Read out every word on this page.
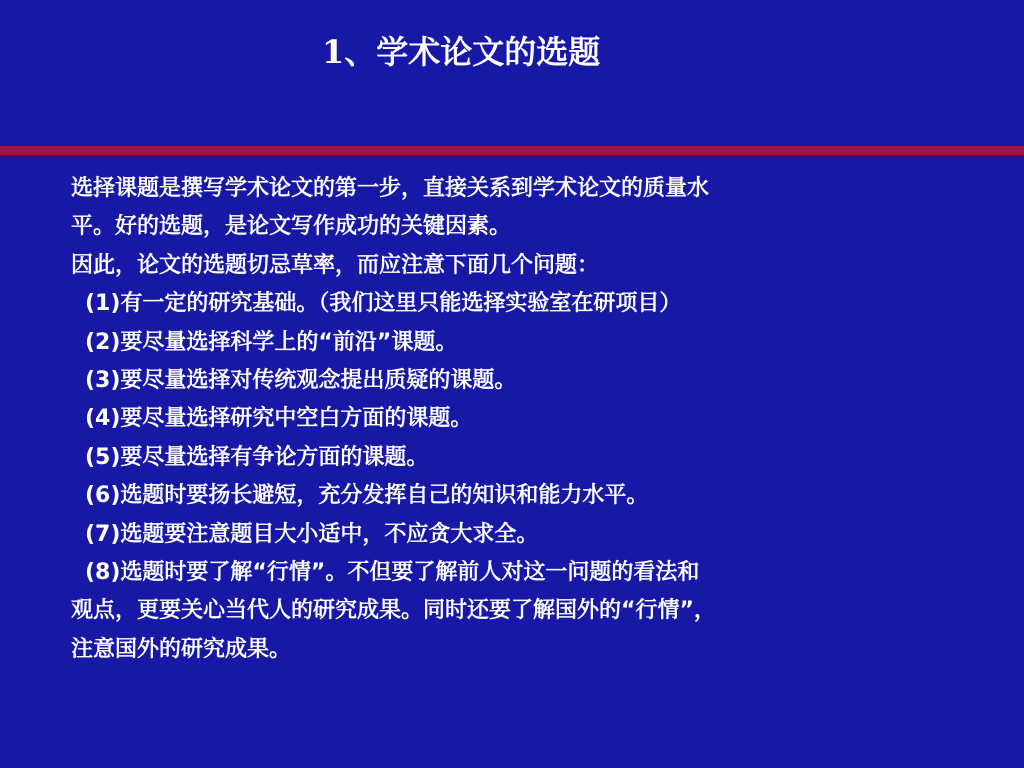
1、学术论文的选题
选择课题是撰写学术论文的第一步，直接关系到学术论文的质量水
平。好的选题，是论文写作成功的关键因素。
因此，论文的选题切忌草率，而应注意下面几个问题：
(1)有一定的研究基础。（我们这里只能选择实验室在研项目）
(2)要尽量选择科学上的“前沿”课题。
(3)要尽量选择对传统观念提出质疑的课题。
(4)要尽量选择研究中空白方面的课题。
(5)要尽量选择有争论方面的课题。
(6)选题时要扬长避短，充分发挥自己的知识和能力水平。
(7)选题要注意题目大小适中，不应贪大求全。
(8)选题时要了解“行情”。不但要了解前人对这一问题的看法和
观点，更要关心当代人的研究成果。同时还要了解国外的“行情”，
注意国外的研究成果。
